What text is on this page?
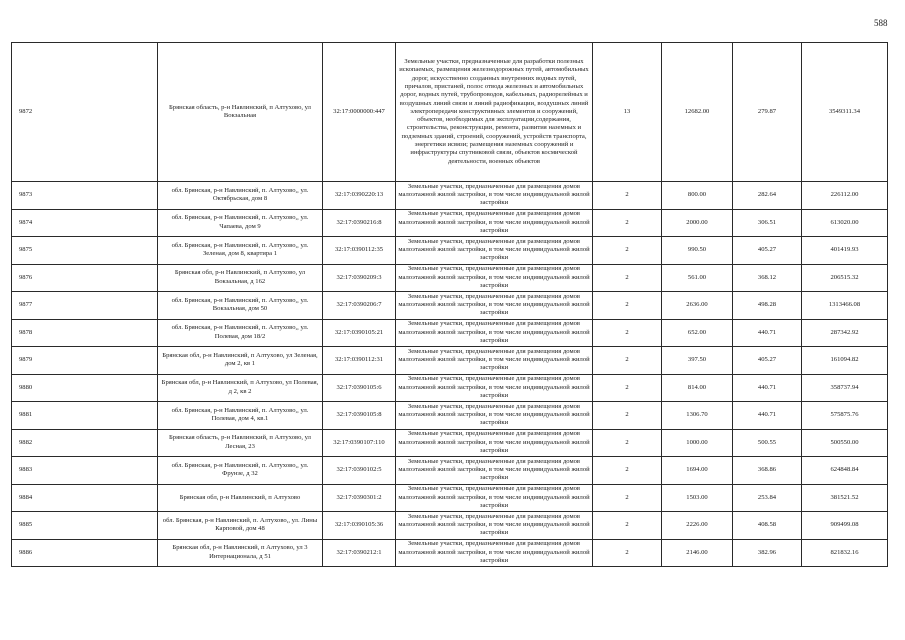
588
9872	Брянская область, р-н Навлинский, п Алтухово, ул Вокзальная	32:17:0000000:447	Земельные участки, предназначенные для разработки полезных ископаемых, размещения железнодорожных путей, автомобильных дорог, искусственно созданных внутренних водных путей, причалов, пристаней, полос отвода железных и автомобильных дорог, водных путей, трубопроводов, кабельных, радиорелейных и воздушных линий связи и линий радиофикации, воздушных линий электропередачи конструктивных элементов и сооружений, объектов, необходимых для эксплуатации,содержания, строительства, реконструкции, ремонта, развития наземных и подземных зданий, строений, сооружений, устройств транспорта, энергетики исвязи; размещения наземных сооружений и инфраструктуры спутниковой связи, объектов космической деятельности, военных объектов	13	12682.00	279.87	3549311.34
9873	обл. Брянская, р-н Навлинский, п. Алтухово,, ул. Октябрьская, дом 8	32:17:0390220:13	Земельные участки, предназначенные для размещения домов малоэтажной жилой застройки, в том числе индивидуальной жилой застройки	2	800.00	282.64	226112.00
9874	обл. Брянская, р-н Навлинский, п. Алтухово,, ул. Чапаева, дом 9	32:17:0390216:8	Земельные участки, предназначенные для размещения домов малоэтажной жилой застройки, в том числе индивидуальной жилой застройки	2	2000.00	306.51	613020.00
9875	обл. Брянская, р-н Навлинский, п. Алтухово,, ул. Зеленая, дом 8, квартира 1	32:17:0390112:35	Земельные участки, предназначенные для размещения домов малоэтажной жилой застройки, в том числе индивидуальной жилой застройки	2	990.50	405.27	401419.93
9876	Брянская обл, р-н Навлинский, п Алтухово, ул Вокзальная, д 162	32:17:0390209:3	Земельные участки, предназначенные для размещения домов малоэтажной жилой застройки, в том числе индивидуальной жилой застройки	2	561.00	368.12	206515.32
9877	обл. Брянская, р-н Навлинский, п. Алтухово,, ул. Вокзальная, дом 50	32:17:0390206:7	Земельные участки, предназначенные для размещения домов малоэтажной жилой застройки, в том числе индивидуальной жилой застройки	2	2636.00	498.28	1313466.08
9878	обл. Брянская, р-н Навлинский, п. Алтухово,, ул. Полевая, дом 18/2	32:17:0390105:21	Земельные участки, предназначенные для размещения домов малоэтажной жилой застройки, в том числе индивидуальной жилой застройки	2	652.00	440.71	287342.92
9879	Брянская обл, р-н Навлинский, п Алтухово, ул Зеленая, дом 2, кв 1	32:17:0390112:31	Земельные участки, предназначенные для размещения домов малоэтажной жилой застройки, в том числе индивидуальной жилой застройки	2	397.50	405.27	161094.82
9880	Брянская обл, р-н Навлинский, п Алтухово, ул Полевая, д 2, кв 2	32:17:0390105:6	Земельные участки, предназначенные для размещения домов малоэтажной жилой застройки, в том числе индивидуальной жилой застройки	2	814.00	440.71	358737.94
9881	обл. Брянская, р-н Навлинский, п. Алтухово,, ул. Полевая, дом 4, кв.1	32:17:0390105:8	Земельные участки, предназначенные для размещения домов малоэтажной жилой застройки, в том числе индивидуальной жилой застройки	2	1306.70	440.71	575875.76
9882	Брянская область, р-н Навлинский, п Алтухово, ул Лесная, 23	32:17:0390107:110	Земельные участки, предназначенные для размещения домов малоэтажной жилой застройки, в том числе индивидуальной жилой застройки	2	1000.00	500.55	500550.00
9883	обл. Брянская, р-н Навлинский, п. Алтухово,, ул. Фрунзе, д 32	32:17:0390102:5	Земельные участки, предназначенные для размещения домов малоэтажной жилой застройки, в том числе индивидуальной жилой застройки	2	1694.00	368.86	624848.84
9884	Брянская обл, р-н Навлинский, п Алтухово	32:17:0390301:2	Земельные участки, предназначенные для размещения домов малоэтажной жилой застройки, в том числе индивидуальной жилой застройки	2	1503.00	253.84	381521.52
9885	обл. Брянская, р-н Навлинский, п. Алтухово,, ул. Лины Карповой, дом 48	32:17:0390105:36	Земельные участки, предназначенные для размещения домов малоэтажной жилой застройки, в том числе индивидуальной жилой застройки	2	2226.00	408.58	909499.08
9886	Брянская обл, р-н Навлинский, п Алтухово, ул 3 Интернационала, д 51	32:17:0390212:1	Земельные участки, предназначенные для размещения домов малоэтажной жилой застройки, в том числе индивидуальной жилой застройки	2	2146.00	382.96	821832.16
